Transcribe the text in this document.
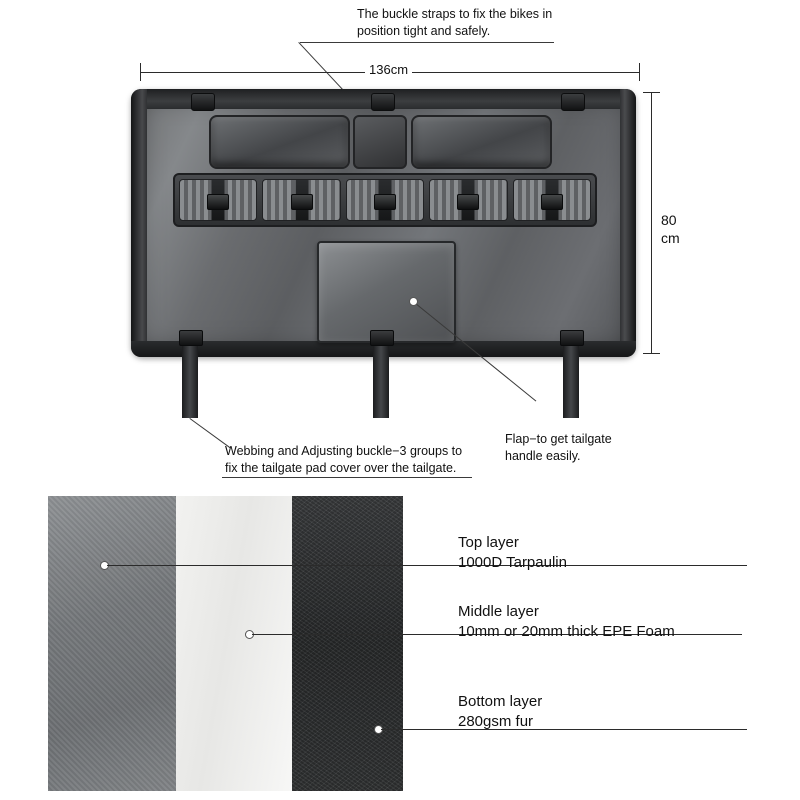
The buckle straps to fix the bikes in
position tight and safely.
136cm
80
cm
Webbing and Adjusting buckle−3 groups to
fix the tailgate pad cover over the tailgate.
Flap−to get tailgate
handle easily.
Top layer
1000D Tarpaulin
Middle layer
10mm or 20mm thick EPE Foam
Bottom layer
280gsm fur
